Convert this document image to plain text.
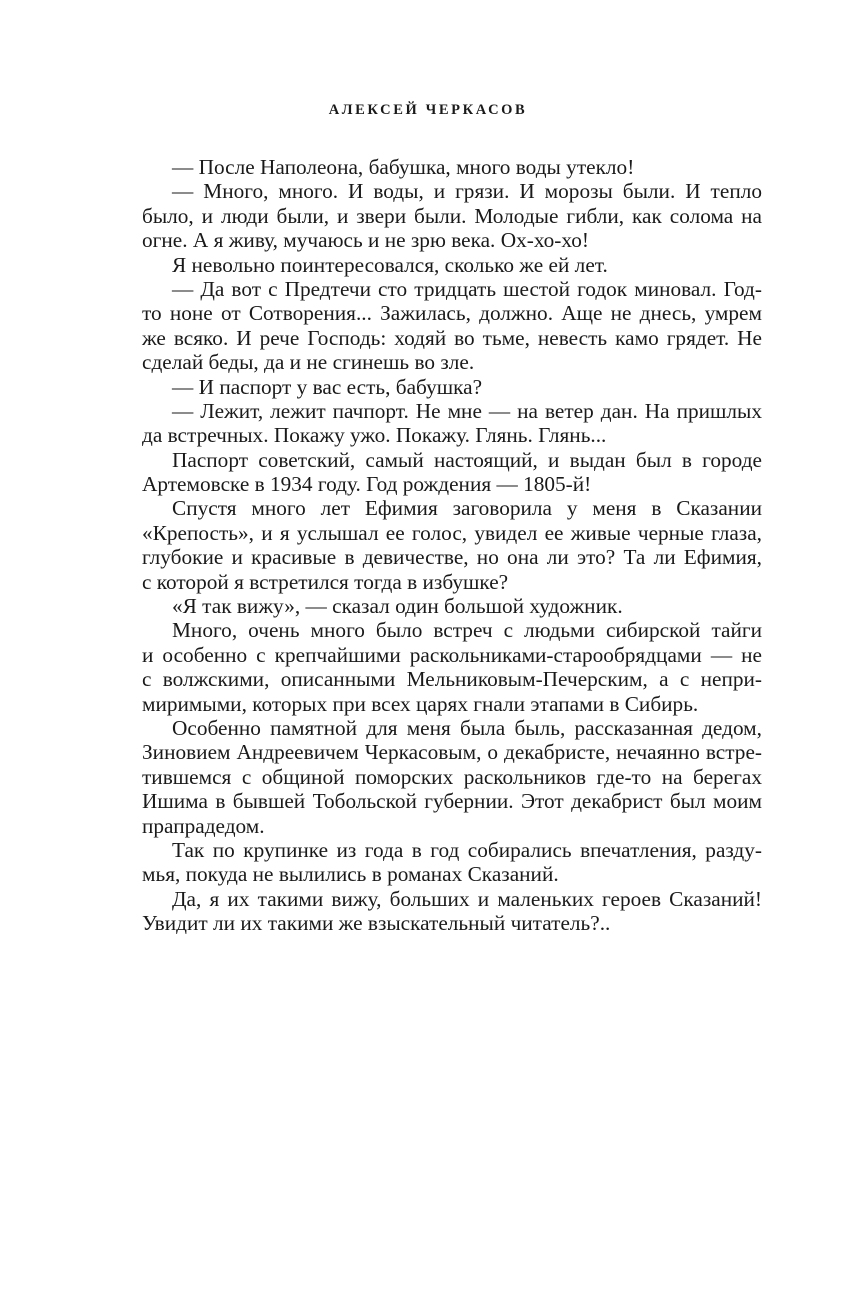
АЛЕКСЕЙ ЧЕРКАСОВ
— После Наполеона, бабушка, много воды утекло!
— Много, много. И воды, и грязи. И морозы были. И тепло
было, и люди были, и звери были. Молодые гибли, как солома на
огне. А я живу, мучаюсь и не зрю века. Ох-хо-хо!
Я невольно поинтересовался, сколько же ей лет.
— Да вот с Предтечи сто тридцать шестой годок миновал. Год-
то ноне от Сотворения... Зажилась, должно. Аще не днесь, умрем
же всяко. И рече Господь: ходяй во тьме, невесть камо грядет. Не
сделай беды, да и не сгинешь во зле.
— И паспорт у вас есть, бабушка?
— Лежит, лежит пачпорт. Не мне — на ветер дан. На пришлых
да встречных. Покажу ужо. Покажу. Глянь. Глянь...
Паспорт советский, самый настоящий, и выдан был в городе
Артемовске в 1934 году. Год рождения — 1805-й!
Спустя много лет Ефимия заговорила у меня в Сказании
«Крепость», и я услышал ее голос, увидел ее живые черные глаза,
глубокие и красивые в девичестве, но она ли это? Та ли Ефимия,
с которой я встретился тогда в избушке?
«Я так вижу», — сказал один большой художник.
Много, очень много было встреч с людьми сибирской тайги
и особенно с крепчайшими раскольниками-старообрядцами — не
с волжскими, описанными Мельниковым-Печерским, а с непри-
миримыми, которых при всех царях гнали этапами в Сибирь.
Особенно памятной для меня была быль, рассказанная дедом,
Зиновием Андреевичем Черкасовым, о декабристе, нечаянно встре-
тившемся с общиной поморских раскольников где-то на берегах
Ишима в бывшей Тобольской губернии. Этот декабрист был моим
прапрадедом.
Так по крупинке из года в год собирались впечатления, разду-
мья, покуда не вылились в романах Сказаний.
Да, я их такими вижу, больших и маленьких героев Сказаний!
Увидит ли их такими же взыскательный читатель?..
